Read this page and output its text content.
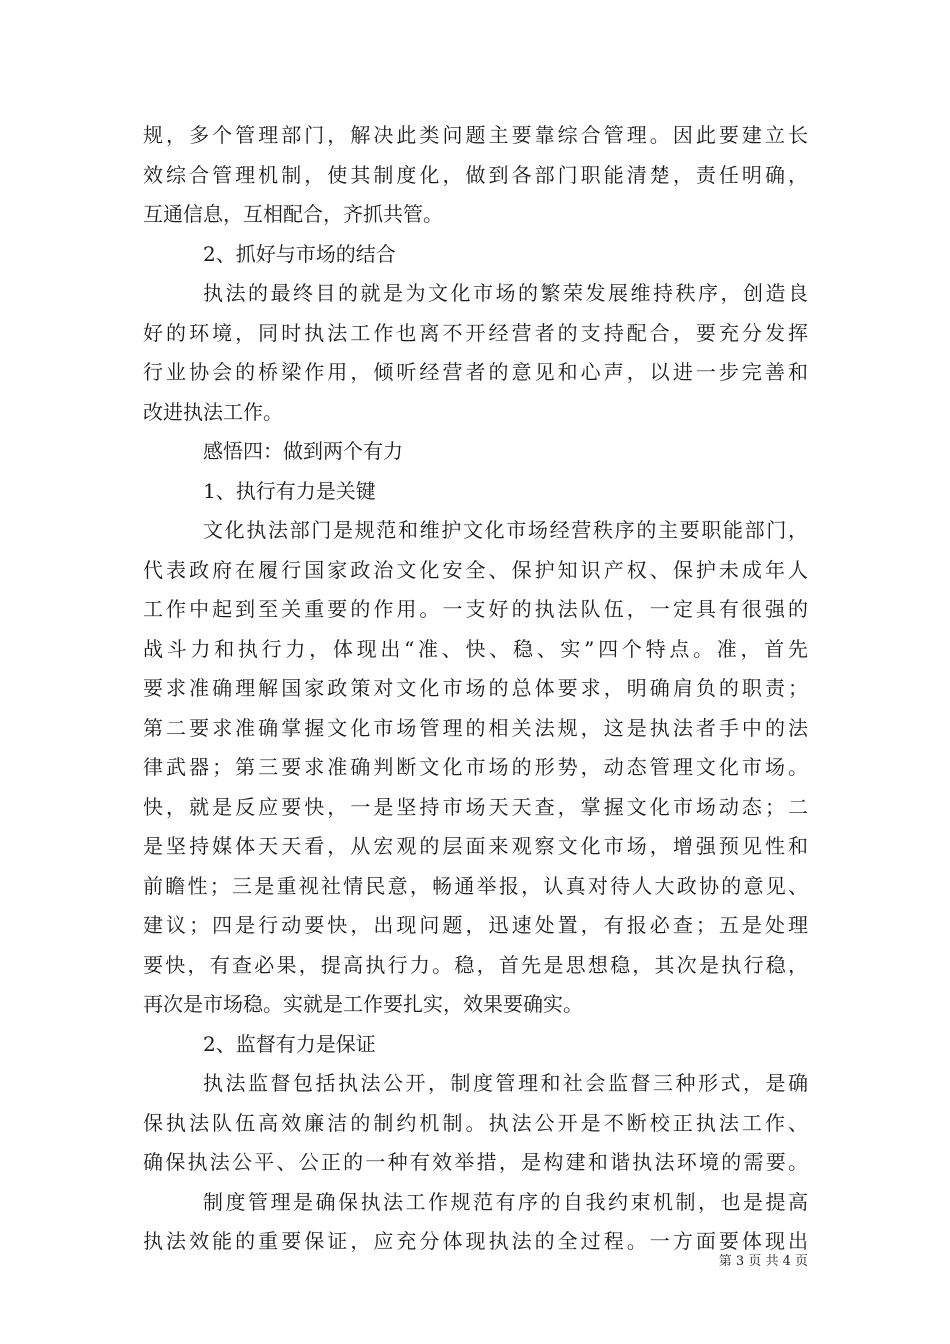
规，多个管理部门，解决此类问题主要靠综合管理。因此要建立长
效综合管理机制，使其制度化，做到各部门职能清楚，责任明确，
互通信息，互相配合，齐抓共管。
2、抓好与市场的结合
执法的最终目的就是为文化市场的繁荣发展维持秩序，创造良
好的环境，同时执法工作也离不开经营者的支持配合，要充分发挥
行业协会的桥梁作用，倾听经营者的意见和心声，以进一步完善和
改进执法工作。
感悟四：做到两个有力
1、执行有力是关键
文化执法部门是规范和维护文化市场经营秩序的主要职能部门，
代表政府在履行国家政治文化安全、保护知识产权、保护未成年人
工作中起到至关重要的作用。一支好的执法队伍，一定具有很强的
战斗力和执行力，体现出“准、快、稳、实”四个特点。准，首先
要求准确理解国家政策对文化市场的总体要求，明确肩负的职责；
第二要求准确掌握文化市场管理的相关法规，这是执法者手中的法
律武器；第三要求准确判断文化市场的形势，动态管理文化市场。
快，就是反应要快，一是坚持市场天天查，掌握文化市场动态；二
是坚持媒体天天看，从宏观的层面来观察文化市场，增强预见性和
前瞻性；三是重视社情民意，畅通举报，认真对待人大政协的意见、
建议；四是行动要快，出现问题，迅速处置，有报必查；五是处理
要快，有查必果，提高执行力。稳，首先是思想稳，其次是执行稳，
再次是市场稳。实就是工作要扎实，效果要确实。
2、监督有力是保证
执法监督包括执法公开，制度管理和社会监督三种形式，是确
保执法队伍高效廉洁的制约机制。执法公开是不断校正执法工作、
确保执法公平、公正的一种有效举措，是构建和谐执法环境的需要。
制度管理是确保执法工作规范有序的自我约束机制，也是提高
执法效能的重要保证，应充分体现执法的全过程。一方面要体现出
第 3 页 共 4 页
